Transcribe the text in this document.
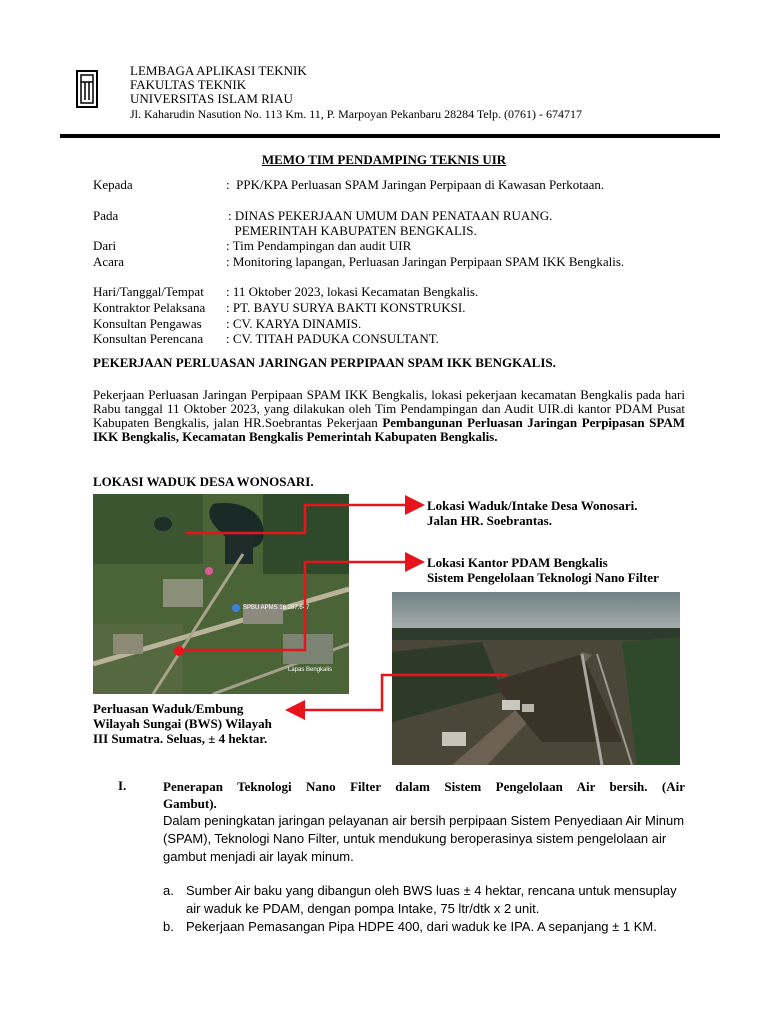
LEMBAGA APLIKASI TEKNIK
FAKULTAS TEKNIK
UNIVERSITAS ISLAM RIAU
Jl. Kaharudin Nasution No. 113 Km. 11, P. Marpoyan Pekanbaru 28284 Telp. (0761) - 674717
MEMO TIM PENDAMPING TEKNIS UIR
Kepada	:  PPK/KPA Perluasan SPAM Jaringan Perpipaan di Kawasan Perkotaan.
Pada	: DINAS PEKERJAAN UMUM DAN PENATAAN RUANG.
PEMERINTAH KABUPATEN BENGKALIS.
Dari	: Tim Pendampingan dan audit UIR
Acara	: Monitoring lapangan, Perluasan Jaringan Perpipaan SPAM IKK Bengkalis.
Hari/Tanggal/Tempat : 11 Oktober 2023, lokasi Kecamatan Bengkalis.
Kontraktor Pelaksana : PT. BAYU SURYA BAKTI KONSTRUKSI.
Konsultan Pengawas : CV. KARYA DINAMIS.
Konsultan Perencana : CV. TITAH PADUKA CONSULTANT.
PEKERJAAN PERLUASAN JARINGAN PERPIPAAN SPAM IKK BENGKALIS.
Pekerjaan Perluasan Jaringan Perpipaan SPAM IKK Bengkalis, lokasi pekerjaan kecamatan Bengkalis pada hari Rabu tanggal 11 Oktober 2023, yang dilakukan oleh Tim Pendampingan dan Audit UIR.di kantor PDAM Pusat Kabupaten Bengkalis, jalan HR.Soebrantas Pekerjaan Pembangunan Perluasan Jaringan Perpipasan SPAM IKK Bengkalis, Kecamatan Bengkalis Pemerintah Kabupaten Bengkalis.
LOKASI WADUK DESA WONOSARI.
SPBU APMS 16.287.647
Lapas Bengkalis
Lokasi Waduk/Intake Desa Wonosari.
Jalan HR. Soebrantas.
Lokasi Kantor PDAM Bengkalis
Sistem Pengelolaan Teknologi Nano Filter
Perluasan Waduk/Embung
Wilayah Sungai (BWS) Wilayah
III Sumatra. Seluas, ± 4 hektar.
I.	Penerapan Teknologi Nano Filter dalam Sistem Pengelolaan Air bersih. (Air
Gambut).
Dalam peningkatan jaringan pelayanan air bersih perpipaan Sistem Penyediaan Air Minum
(SPAM), Teknologi Nano Filter, untuk mendukung beroperasinya sistem pengelolaan air
gambut menjadi air layak minum.
a. Sumber Air baku yang dibangun oleh BWS luas ± 4 hektar, rencana untuk mensuplay
air waduk ke PDAM, dengan pompa Intake, 75 ltr/dtk x 2 unit.
b. Pekerjaan Pemasangan Pipa HDPE 400, dari waduk ke IPA. A sepanjang ± 1 KM.
